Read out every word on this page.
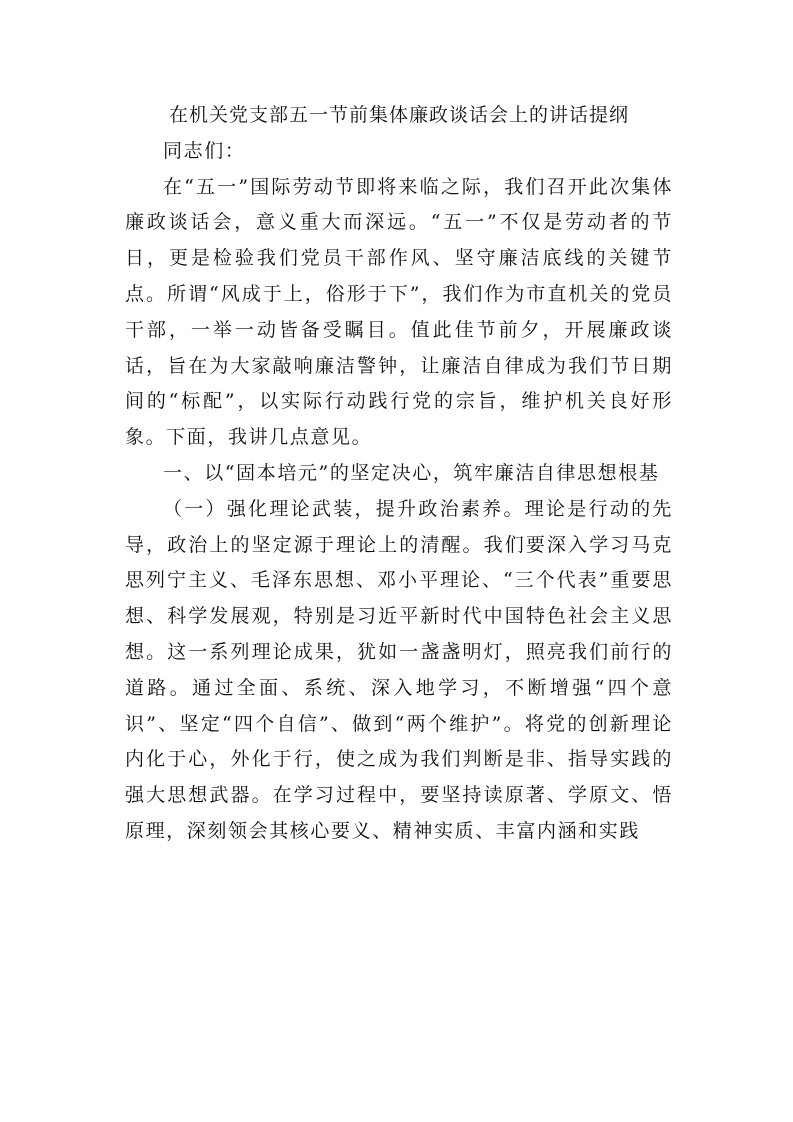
在机关党支部五一节前集体廉政谈话会上的讲话提纲

同志们：

在“五一”国际劳动节即将来临之际，我们召开此次集体廉政谈话会，意义重大而深远。“五一”不仅是劳动者的节日，更是检验我们党员干部作风、坚守廉洁底线的关键节点。所谓“风成于上，俗形于下”，我们作为市直机关的党员干部，一举一动皆备受瞩目。值此佳节前夕，开展廉政谈话，旨在为大家敲响廉洁警钟，让廉洁自律成为我们节日期间的“标配”，以实际行动践行党的宗旨，维护机关良好形象。下面，我讲几点意见。

一、以“固本培元”的坚定决心，筑牢廉洁自律思想根基

（一）强化理论武装，提升政治素养。理论是行动的先导，政治上的坚定源于理论上的清醒。我们要深入学习马克思列宁主义、毛泽东思想、邓小平理论、“三个代表”重要思想、科学发展观，特别是习近平新时代中国特色社会主义思想。这一系列理论成果，犹如一盏盏明灯，照亮我们前行的道路。通过全面、系统、深入地学习，不断增强“四个意识”、坚定“四个自信”、做到“两个维护”。将党的创新理论内化于心，外化于行，使之成为我们判断是非、指导实践的强大思想武器。在学习过程中，要坚持读原著、学原文、悟原理，深刻领会其核心要义、精神实质、丰富内涵和实践
